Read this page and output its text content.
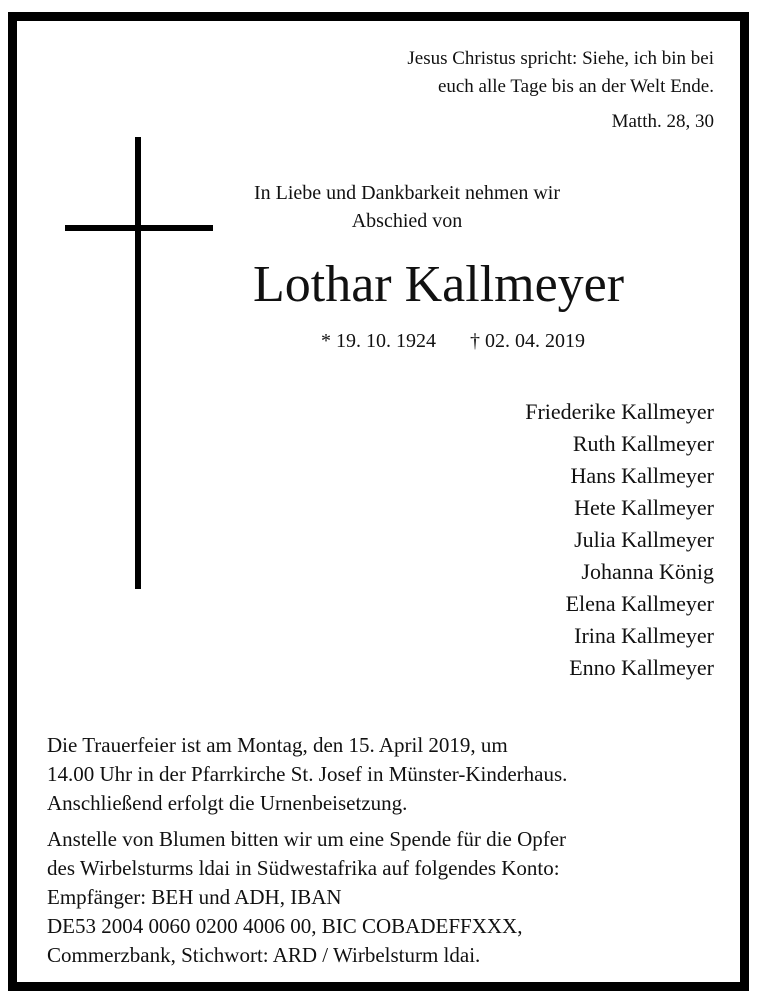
Jesus Christus spricht: Siehe, ich bin bei
euch alle Tage bis an der Welt Ende.
Matth. 28, 30
In Liebe und Dankbarkeit nehmen wir
Abschied von
Lothar Kallmeyer
* 19. 10. 1924 † 02. 04. 2019
Friederike Kallmeyer
Ruth Kallmeyer
Hans Kallmeyer
Hete Kallmeyer
Julia Kallmeyer
Johanna König
Elena Kallmeyer
Irina Kallmeyer
Enno Kallmeyer
Die Trauerfeier ist am Montag, den 15. April 2019, um
14.00 Uhr in der Pfarrkirche St. Josef in Münster-Kinderhaus.
Anschließend erfolgt die Urnenbeisetzung.
Anstelle von Blumen bitten wir um eine Spende für die Opfer
des Wirbelsturms ldai in Südwestafrika auf folgendes Konto:
Empfänger: BEH und ADH, IBAN
DE53 2004 0060 0200 4006 00, BIC COBADEFFXXX,
Commerzbank, Stichwort: ARD / Wirbelsturm ldai.
